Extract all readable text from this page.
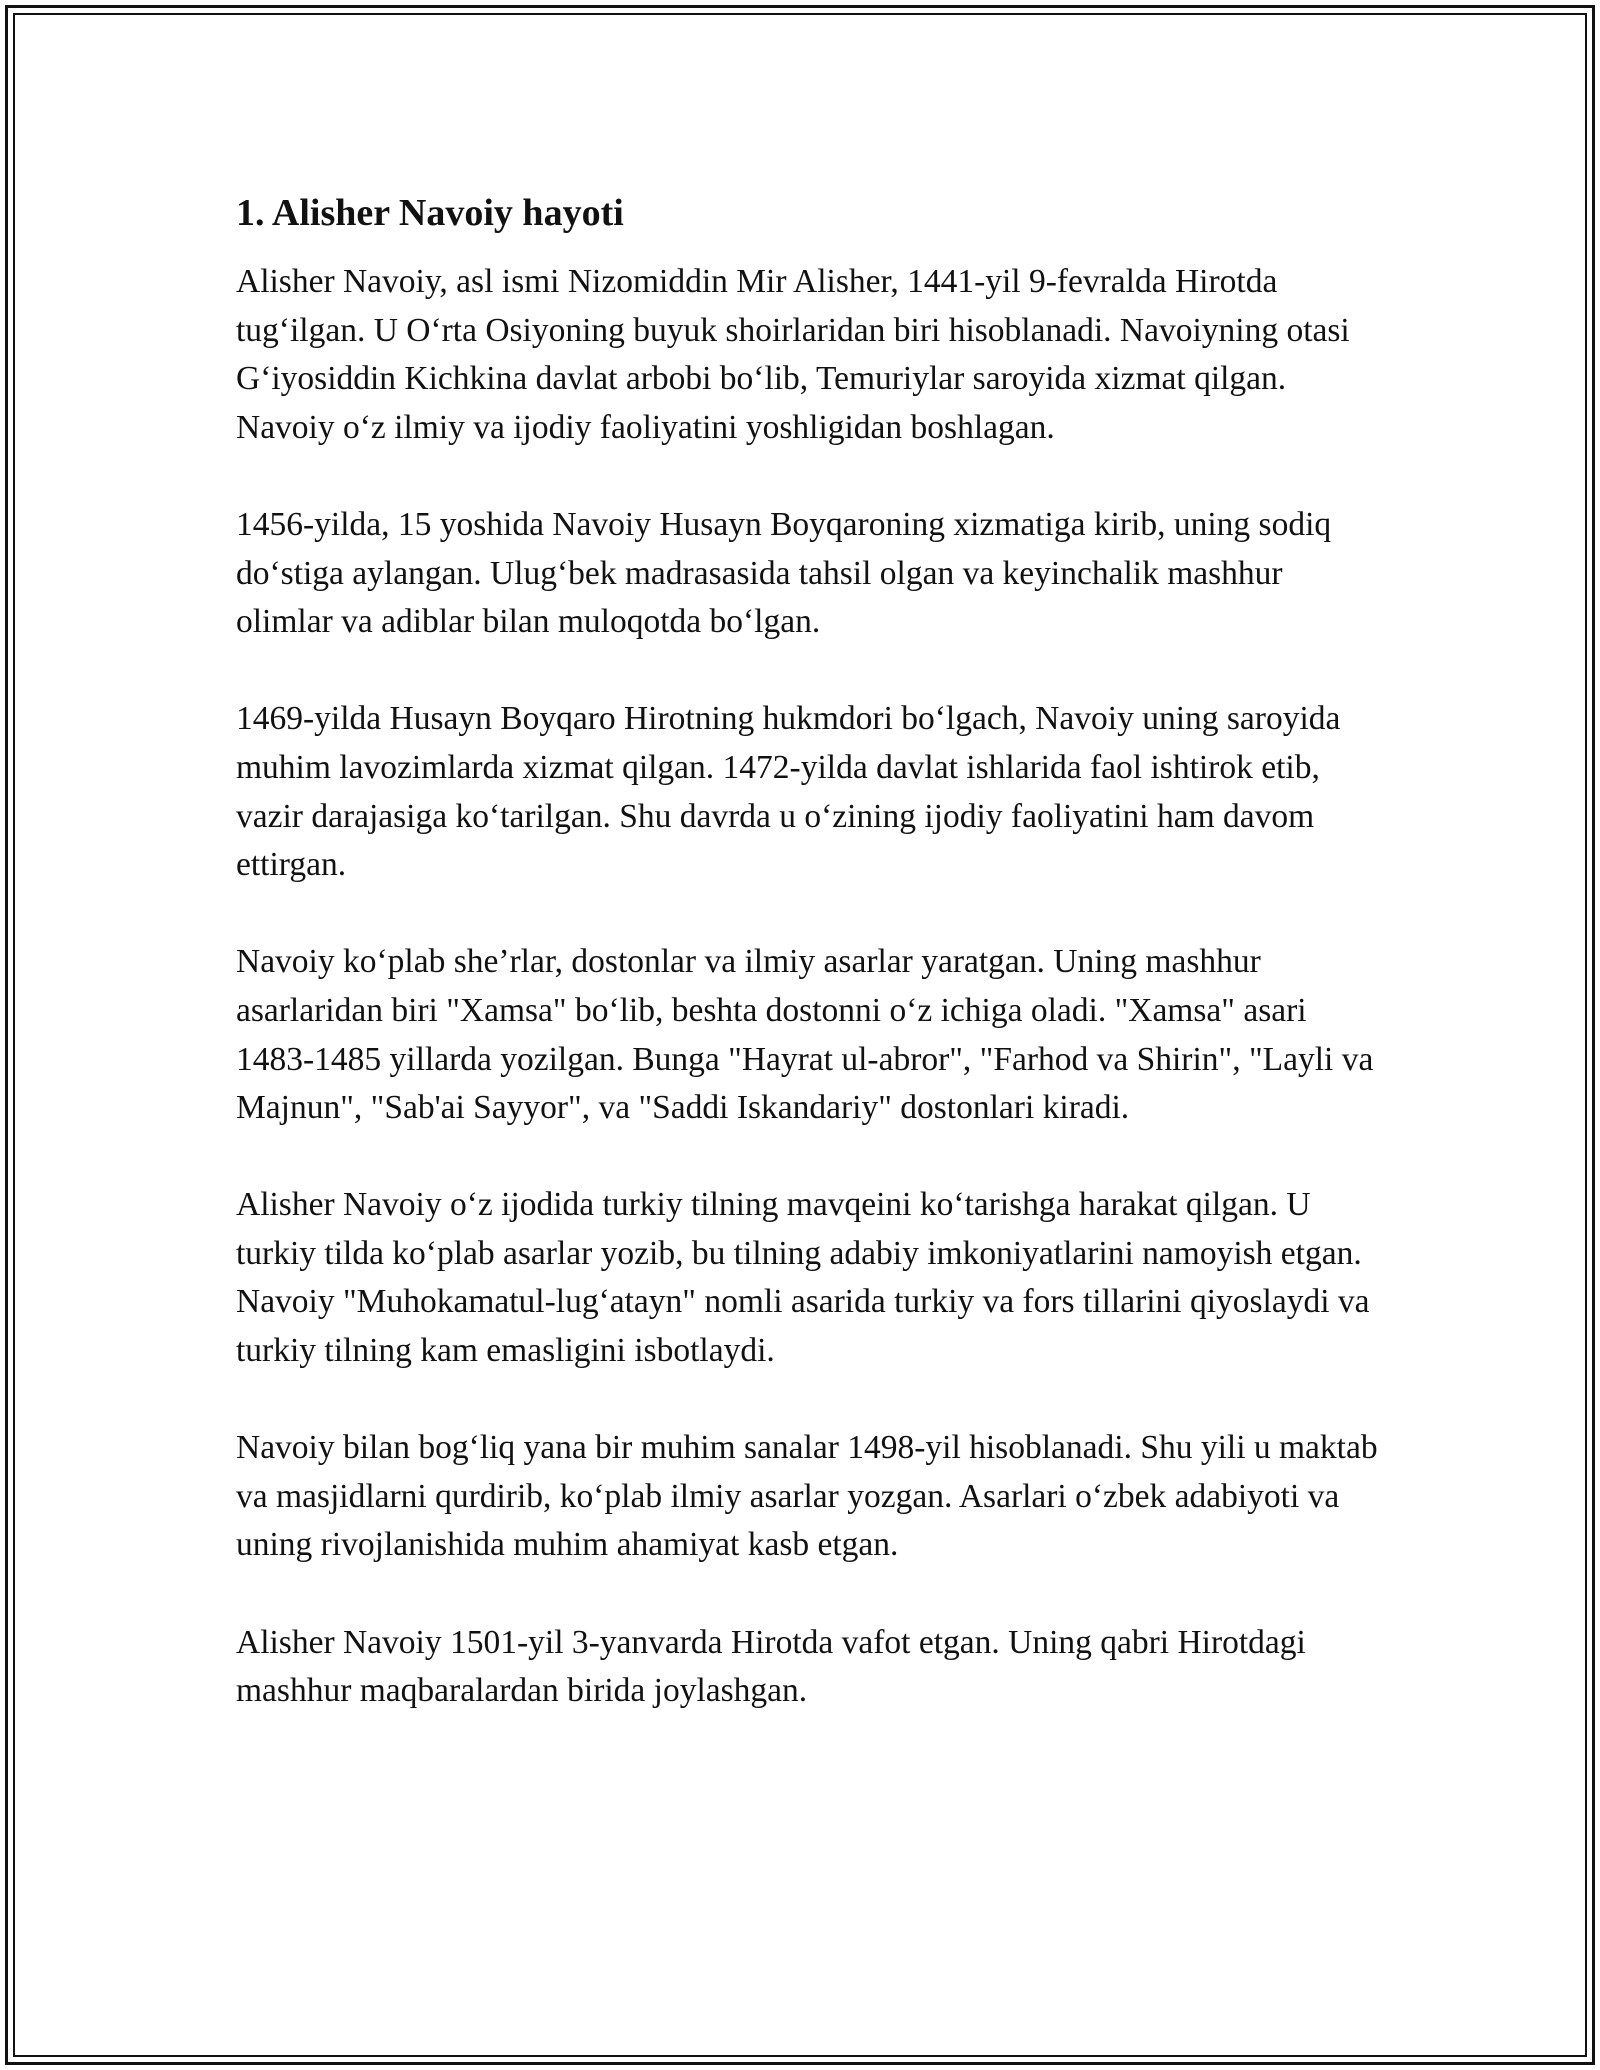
1. Alisher Navoiy hayoti

Alisher Navoiy, asl ismi Nizomiddin Mir Alisher, 1441-yil 9-fevralda Hirotda tug‘ilgan. U O‘rta Osiyoning buyuk shoirlaridan biri hisoblanadi. Navoiyning otasi G‘iyosiddin Kichkina davlat arbobi bo‘lib, Temuriylar saroyida xizmat qilgan. Navoiy o‘z ilmiy va ijodiy faoliyatini yoshligidan boshlagan.

1456-yilda, 15 yoshida Navoiy Husayn Boyqaroning xizmatiga kirib, uning sodiq do‘stiga aylangan. Ulug‘bek madrasasida tahsil olgan va keyinchalik mashhur olimlar va adiblar bilan muloqotda bo‘lgan.

1469-yilda Husayn Boyqaro Hirotning hukmdori bo‘lgach, Navoiy uning saroyida muhim lavozimlarda xizmat qilgan. 1472-yilda davlat ishlarida faol ishtirok etib, vazir darajasiga ko‘tarilgan. Shu davrda u o‘zining ijodiy faoliyatini ham davom ettirgan.

Navoiy ko‘plab she’rlar, dostonlar va ilmiy asarlar yaratgan. Uning mashhur asarlaridan biri "Xamsa" bo‘lib, beshta dostonni o‘z ichiga oladi. "Xamsa" asari 1483-1485 yillarda yozilgan. Bunga "Hayrat ul-abror", "Farhod va Shirin", "Layli va Majnun", "Sab'ai Sayyor", va "Saddi Iskandariy" dostonlari kiradi.

Alisher Navoiy o‘z ijodida turkiy tilning mavqeini ko‘tarishga harakat qilgan. U turkiy tilda ko‘plab asarlar yozib, bu tilning adabiy imkoniyatlarini namoyish etgan. Navoiy "Muhokamatul-lug‘atayn" nomli asarida turkiy va fors tillarini qiyoslaydi va turkiy tilning kam emasligini isbotlaydi.

Navoiy bilan bog‘liq yana bir muhim sanalar 1498-yil hisoblanadi. Shu yili u maktab va masjidlarni qurdirib, ko‘plab ilmiy asarlar yozgan. Asarlari o‘zbek adabiyoti va uning rivojlanishida muhim ahamiyat kasb etgan.

Alisher Navoiy 1501-yil 3-yanvarda Hirotda vafot etgan. Uning qabri Hirotdagi mashhur maqbaralardan birida joylashgan.
